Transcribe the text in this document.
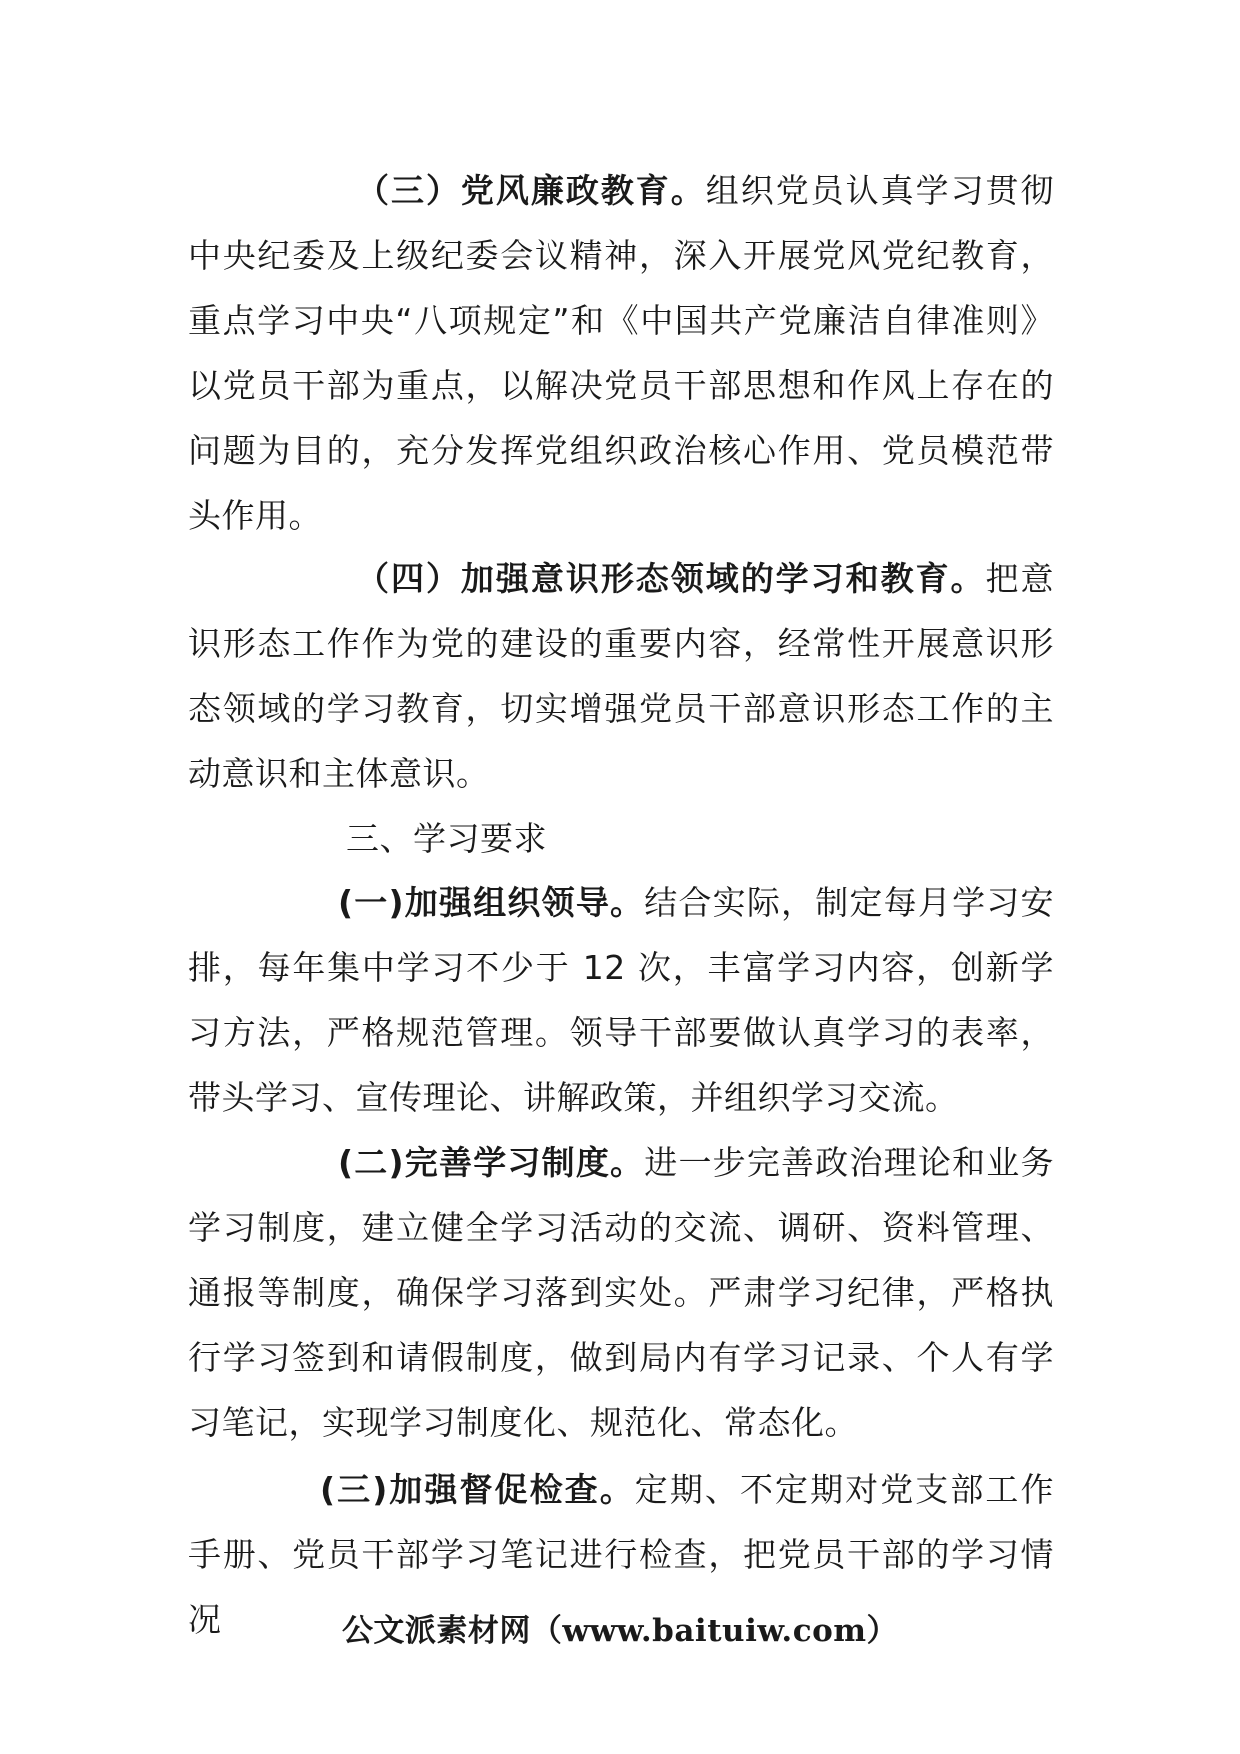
（三）党风廉政教育。组织党员认真学习贯彻中央纪委及上级纪委会议精神，深入开展党风党纪教育，重点学习中央“八项规定”和《中国共产党廉洁自律准则》以党员干部为重点，以解决党员干部思想和作风上存在的问题为目的，充分发挥党组织政治核心作用、党员模范带头作用。

（四）加强意识形态领域的学习和教育。把意识形态工作作为党的建设的重要内容，经常性开展意识形态领域的学习教育，切实增强党员干部意识形态工作的主动意识和主体意识。

三、学习要求

(一)加强组织领导。结合实际，制定每月学习安排，每年集中学习不少于 12 次，丰富学习内容，创新学习方法，严格规范管理。领导干部要做认真学习的表率，带头学习、宣传理论、讲解政策，并组织学习交流。

(二)完善学习制度。进一步完善政治理论和业务学习制度，建立健全学习活动的交流、调研、资料管理、通报等制度，确保学习落到实处。严肃学习纪律，严格执行学习签到和请假制度，做到局内有学习记录、个人有学习笔记，实现学习制度化、规范化、常态化。

(三)加强督促检查。定期、不定期对党支部工作手册、党员干部学习笔记进行检查，把党员干部的学习情况	公文派素材网（www.baituiw.com）
